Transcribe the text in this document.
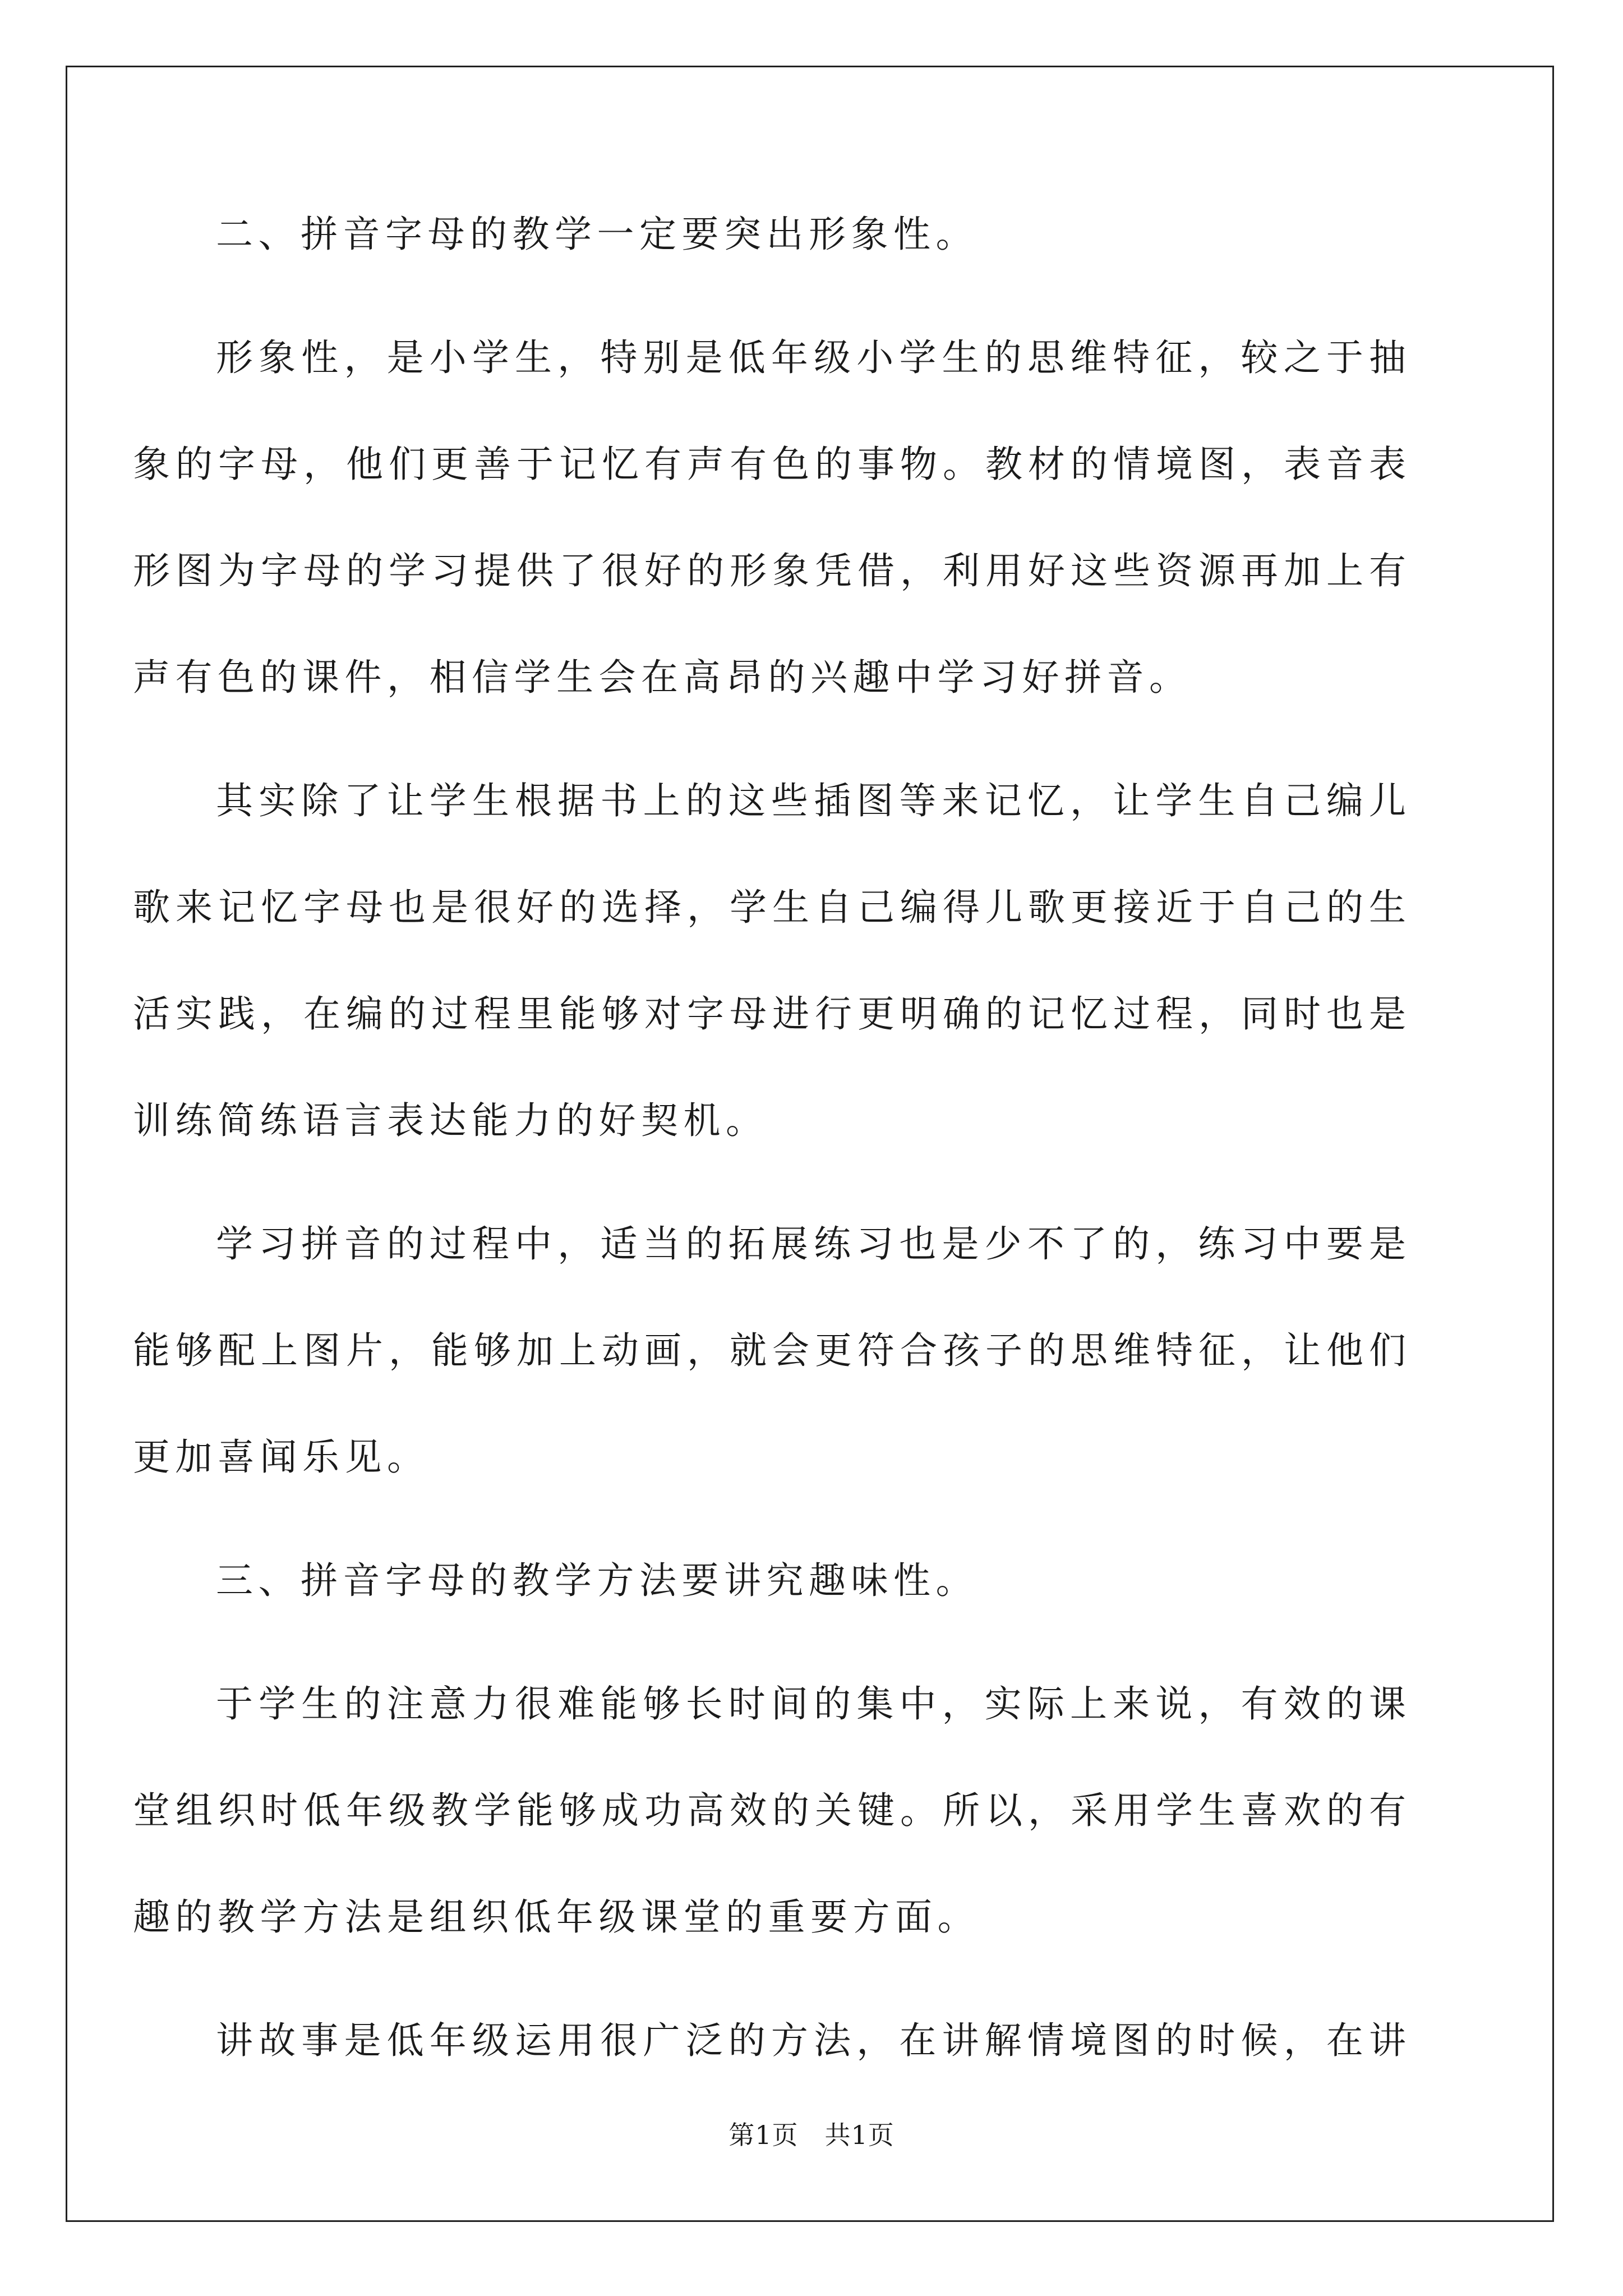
二、拼音字母的教学一定要突出形象性。
形象性，是小学生，特别是低年级小学生的思维特征，较之于抽
象的字母，他们更善于记忆有声有色的事物。教材的情境图，表音表
形图为字母的学习提供了很好的形象凭借，利用好这些资源再加上有
声有色的课件，相信学生会在高昂的兴趣中学习好拼音。
其实除了让学生根据书上的这些插图等来记忆，让学生自己编儿
歌来记忆字母也是很好的选择，学生自己编得儿歌更接近于自己的生
活实践，在编的过程里能够对字母进行更明确的记忆过程，同时也是
训练简练语言表达能力的好契机。
学习拼音的过程中，适当的拓展练习也是少不了的，练习中要是
能够配上图片，能够加上动画，就会更符合孩子的思维特征，让他们
更加喜闻乐见。
三、拼音字母的教学方法要讲究趣味性。
于学生的注意力很难能够长时间的集中，实际上来说，有效的课
堂组织时低年级教学能够成功高效的关键。所以，采用学生喜欢的有
趣的教学方法是组织低年级课堂的重要方面。
讲故事是低年级运用很广泛的方法，在讲解情境图的时候，在讲
第1页　共1页
